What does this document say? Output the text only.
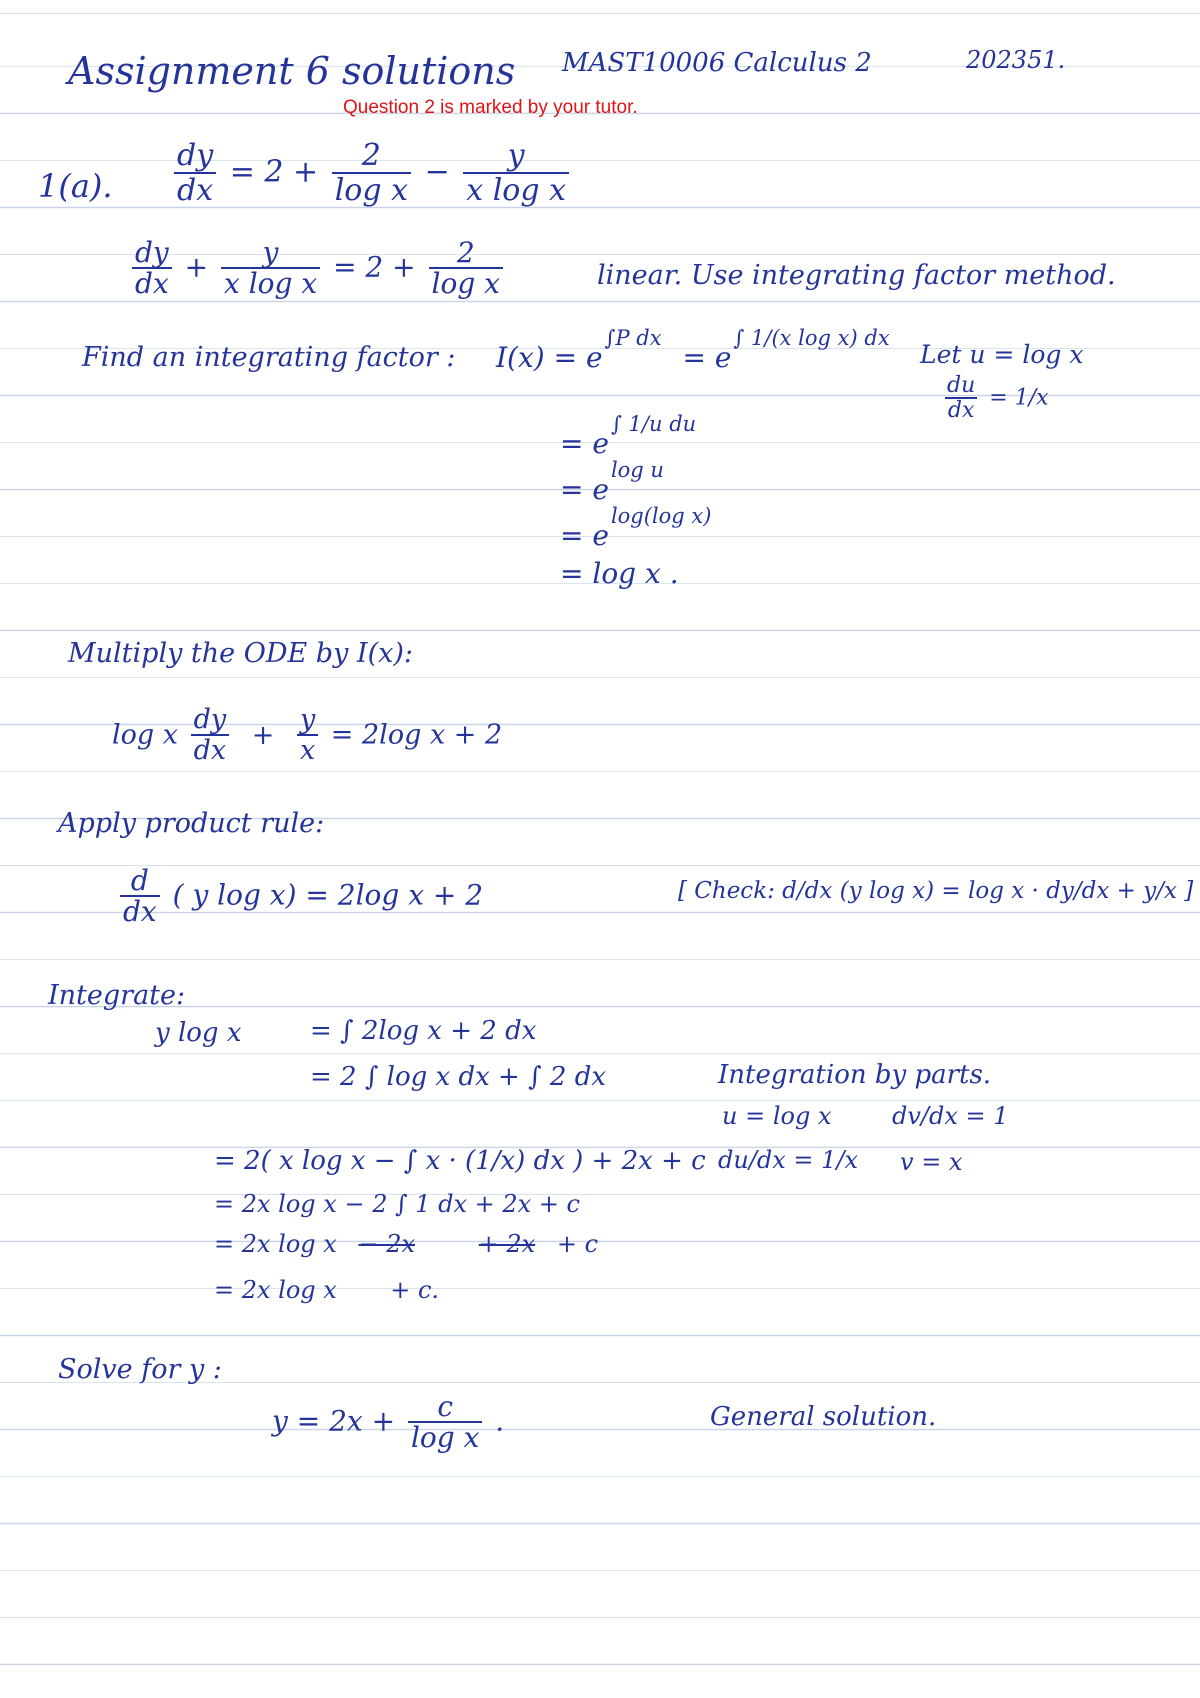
Assignment 6 solutions MAST10006 Calculus 2	202351.
Question 2 is marked by your tutor.
1(a). $\frac{dy}{dx} = 2 + \frac{2}{\text{log x}} - \frac{y}{\text{x log x}}$
$\frac{dy}{dx} + \frac{y}{\text{x log x}} = 2 + \frac{2}{\text{log x}}$	linear. Use integrating factor method.
Find an integrating factor : $I(x) = e^{\int P dx} = e^{\int 1/(x log x) dx}$
Let u = log x
$\frac{du}{dx} = 1/x$
= $e^{\int 1/u du}$
= $e^{log u}$
= $e^{log(log x)}$
= log x .
Multiply the ODE by I(x):
log x $\frac{dy}{dx} + \frac{y}{x} = 2\log$ x + 2
Apply product rule:
$\frac{d}{dx}$ ( y log x) = 2log x + 2	[ Check: d/dx (y log x) = log x · dy/dx + y/x ]
Integrate:
y log x	= ∫ 2log x + 2 dx
= 2 ∫ log x dx + ∫ 2 dx	Integration by parts.
u = log x	dv/dx = 1
du/dx = 1/x v = x
= 2( x log x − ∫ x · (1/x) dx ) + 2x + c
= 2x log x − 2 ∫ 1 dx + 2x + c
= 2x log x − 2x	+ 2x + c
= 2x log x       + c.
Solve for y :
$y = 2x + \frac{c}{\text{log x}}$ .	General solution.
